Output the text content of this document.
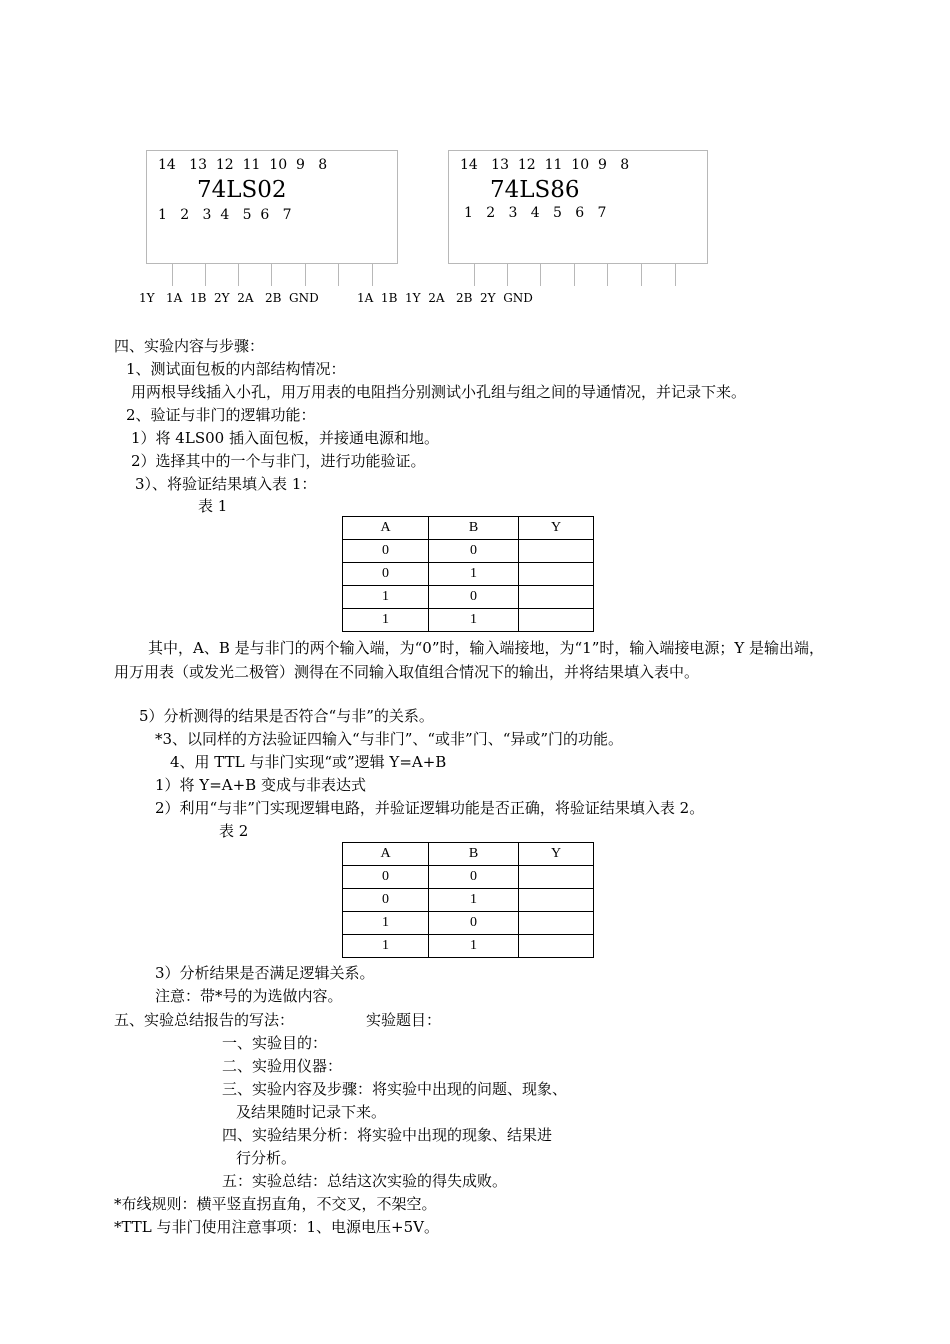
14   13  12  11  10  9   8
74LS02
1   2   3  4   5  6   7
1Y   1A  1B  2Y  2A   2B  GND
14   13  12  11  10  9   8
74LS86
1   2   3   4   5   6   7
1A  1B  1Y  2A   2B  2Y  GND
四、实验内容与步骤：
1、测试面包板的内部结构情况：
用两根导线插入小孔，用万用表的电阻挡分别测试小孔组与组之间的导通情况，并记录下来。
2、验证与非门的逻辑功能：
1）将 4LS00 插入面包板，并接通电源和地。
2）选择其中的一个与非门，进行功能验证。
3）、将验证结果填入表 1：
表 1
A	B	Y
0	0	
0	1	
1	0	
1	1	
其中，A、B 是与非门的两个输入端，为“0”时，输入端接地，为“1”时，输入端接电源；Y 是输出端，用万用表（或发光二极管）测得在不同输入取值组合情况下的输出，并将结果填入表中。
5）分析测得的结果是否符合“与非”的关系。
*3、以同样的方法验证四输入“与非门”、“或非”门、“异或”门的功能。
4、用 TTL 与非门实现“或”逻辑 Y=A+B
1）将 Y=A+B 变成与非表达式
2）利用“与非”门实现逻辑电路，并验证逻辑功能是否正确，将验证结果填入表 2。
表 2
A	B	Y
0	0	
0	1	
1	0	
1	1	
3）分析结果是否满足逻辑关系。
注意：带*号的为选做内容。
五、实验总结报告的写法：	实验题目：
一、实验目的：
二、实验用仪器：
三、实验内容及步骤：将实验中出现的问题、现象、
及结果随时记录下来。
四、实验结果分析：将实验中出现的现象、结果进
行分析。
五：实验总结：总结这次实验的得失成败。
*布线规则：横平竖直拐直角，不交叉，不架空。
*TTL 与非门使用注意事项：1、电源电压+5V。
